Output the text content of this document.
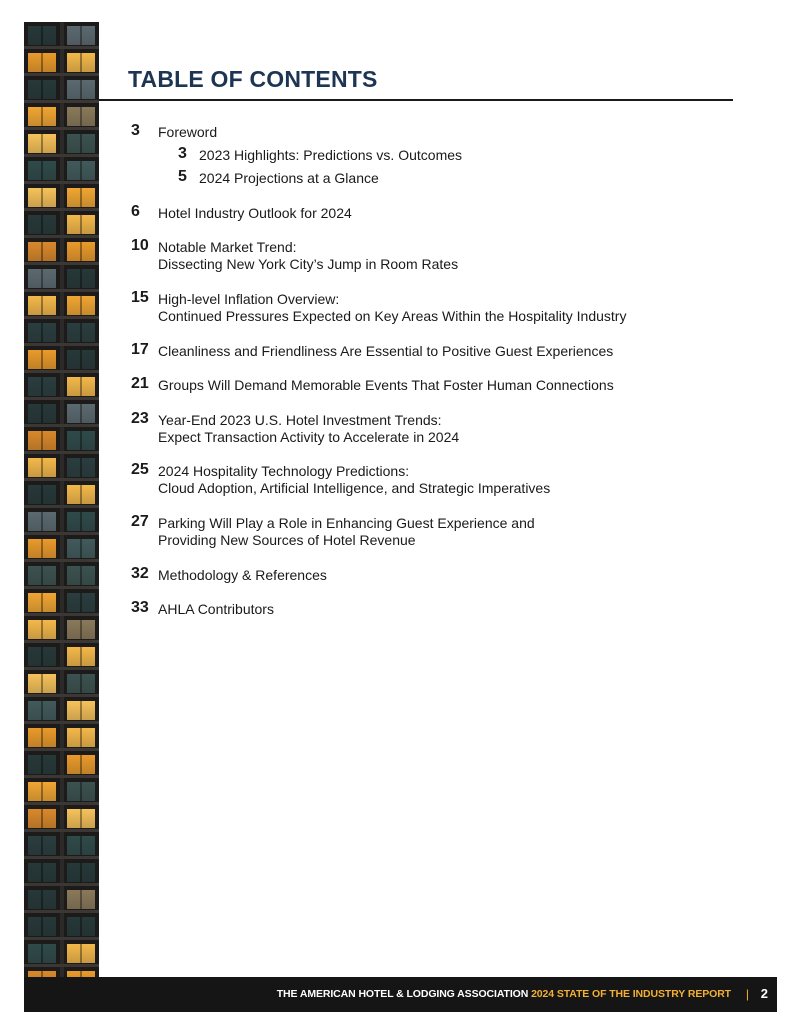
TABLE OF CONTENTS
3 Foreword
3 2023 Highlights: Predictions vs. Outcomes
5 2024 Projections at a Glance
6 Hotel Industry Outlook for 2024
10 Notable Market Trend:
Dissecting New York City’s Jump in Room Rates
15 High-level Inflation Overview:
Continued Pressures Expected on Key Areas Within the Hospitality Industry
17 Cleanliness and Friendliness Are Essential to Positive Guest Experiences
21 Groups Will Demand Memorable Events That Foster Human Connections
23 Year-End 2023 U.S. Hotel Investment Trends:
Expect Transaction Activity to Accelerate in 2024
25 2024 Hospitality Technology Predictions:
Cloud Adoption, Artificial Intelligence, and Strategic Imperatives
27 Parking Will Play a Role in Enhancing Guest Experience and
Providing New Sources of Hotel Revenue
32 Methodology & References
33 AHLA Contributors
THE AMERICAN HOTEL & LODGING ASSOCIATION 2024 STATE OF THE INDUSTRY REPORT | 2
